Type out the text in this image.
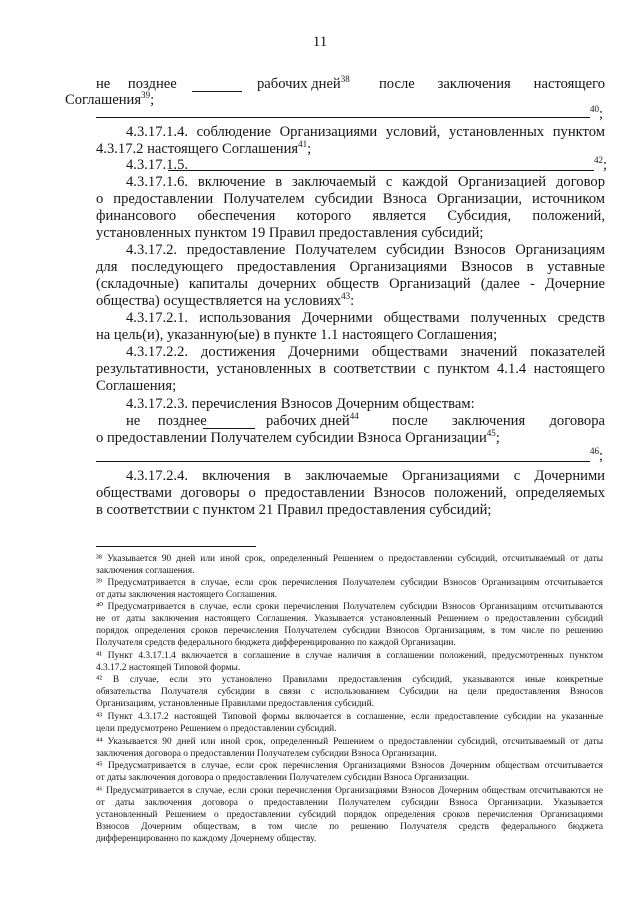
11
не позднее	рабочих дней$^{38}$ после заключения настоящего
Соглашения$^{39}$;
$^{40}$;
4.3.17.1.4. соблюдение Организациями условий, установленных пунктом
4.3.17.2 настоящего Соглашения$^{41}$;
4.3.17.1.5.	$^{42}$;
4.3.17.1.6. включение в заключаемый с каждой Организацией договор
о предоставлении Получателем субсидии Взноса Организации, источником
финансового обеспечения которого является Субсидия, положений,
установленных пунктом 19 Правил предоставления субсидий;
4.3.17.2. предоставление Получателем субсидии Взносов Организациям
для последующего предоставления Организациями Взносов в уставные
(складочные) капиталы дочерних обществ Организаций (далее - Дочерние
общества) осуществляется на условиях$^{43}$:
4.3.17.2.1. использования Дочерними обществами полученных средств
на цель(и), указанную(ые) в пункте 1.1 настоящего Соглашения;
4.3.17.2.2. достижения Дочерними обществами значений показателей
результативности, установленных в соответствии с пунктом 4.1.4 настоящего
Соглашения;
4.3.17.2.3. перечисления Взносов Дочерним обществам:
не позднее	рабочих дней$^{44}$ после заключения договора
о предоставлении Получателем субсидии Взноса Организации$^{45}$;
$^{46}$;
4.3.17.2.4. включения в заключаемые Организациями с Дочерними
обществами договоры о предоставлении Взносов положений, определяемых
в соответствии с пунктом 21 Правил предоставления субсидий;
³⁸ Указывается 90 дней или иной срок, определенный Решением о предоставлении субсидий, отсчитываемый от даты
заключения соглашения.
³⁹ Предусматривается в случае, если срок перечисления Получателем субсидии Взносов Организациям отсчитывается
от даты заключения настоящего Соглашения.
⁴⁰ Предусматривается в случае, если сроки перечисления Получателем субсидии Взносов Организациям отсчитываются
не от даты заключения настоящего Соглашения. Указывается установленный Решением о предоставлении субсидий
порядок определения сроков перечисления Получателем субсидии Взносов Организациям, в том числе по решению
Получателя средств федерального бюджета дифференцированно по каждой Организации.
⁴¹ Пункт 4.3.17.1.4 включается в соглашение в случае наличия в соглашении положений, предусмотренных пунктом
4.3.17.2 настоящей Типовой формы.
⁴² В случае, если это установлено Правилами предоставления субсидий, указываются иные конкретные
обязательства Получателя субсидии в связи с использованием Субсидии на цели предоставления Взносов
Организациям, установленные Правилами предоставления субсидий.
⁴³ Пункт 4.3.17.2 настоящей Типовой формы включается в соглашение, если предоставление субсидии на указанные
цели предусмотрено Решением о предоставлении субсидий.
⁴⁴ Указывается 90 дней или иной срок, определенный Решением о предоставлении субсидий, отсчитываемый от даты
заключения договора о предоставлении Получателем субсидии Взноса Организации.
⁴⁵ Предусматривается в случае, если срок перечисления Организациями Взносов Дочерним обществам отсчитывается
от даты заключения договора о предоставлении Получателем субсидии Взноса Организации.
⁴⁶ Предусматривается в случае, если сроки перечисления Организациями Взносов Дочерним обществам отсчитываются не
от даты заключения договора о предоставлении Получателем субсидии Взноса Организации. Указывается
установленный Решением о предоставлении субсидий порядок определения сроков перечисления Организациями
Взносов Дочерним обществам, в том числе по решению Получателя средств федерального бюджета
дифференцированно по каждому Дочернему обществу.
